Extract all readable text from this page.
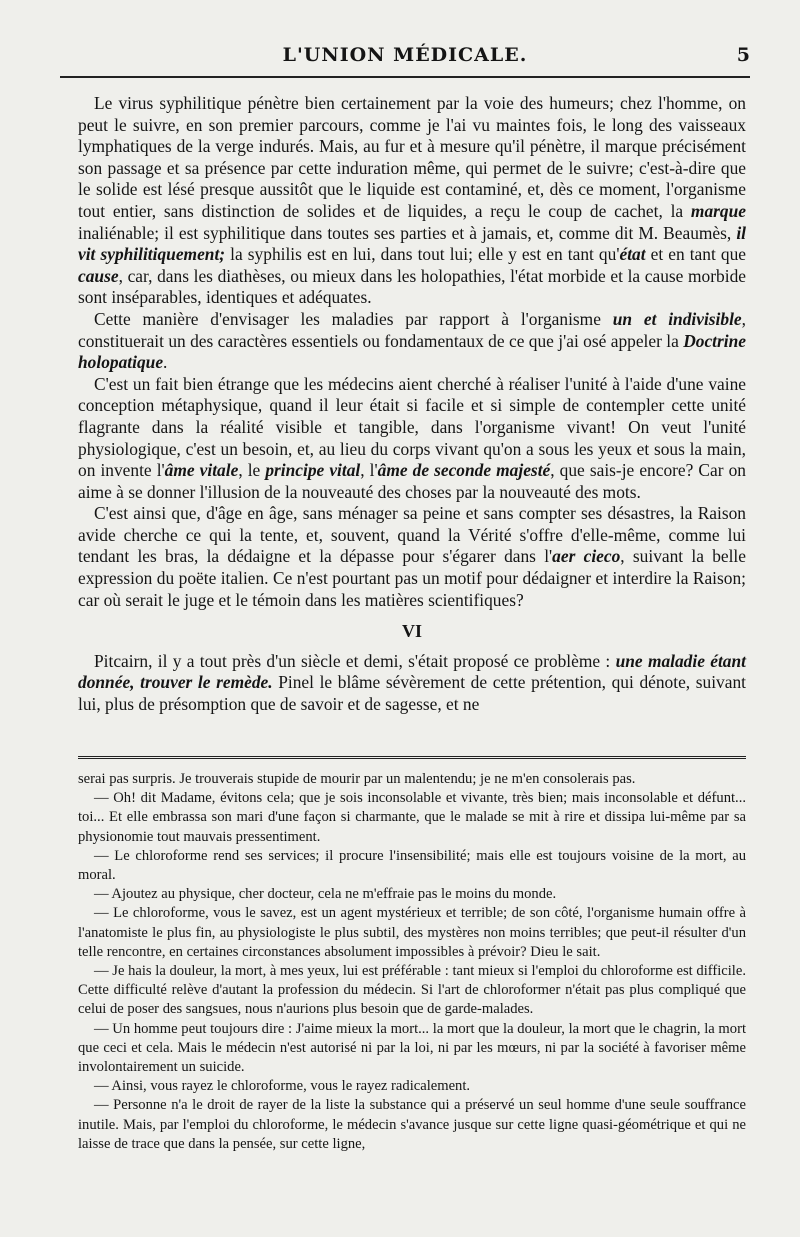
L'UNION MÉDICALE.	5

Le virus syphilitique pénètre bien certainement par la voie des humeurs; chez l'homme, on peut le suivre, en son premier parcours, comme je l'ai vu maintes fois, le long des vaisseaux lymphatiques de la verge indurés. Mais, au fur et à mesure qu'il pénètre, il marque précisément son passage et sa présence par cette induration même, qui permet de le suivre; c'est-à-dire que le solide est lésé presque aussitôt que le liquide est contaminé, et, dès ce moment, l'organisme tout entier, sans distinction de solides et de liquides, a reçu le coup de cachet, la marque inaliénable; il est syphilitique dans toutes ses parties et à jamais, et, comme dit M. Beaumès, il vit syphilitiquement; la syphilis est en lui, dans tout lui; elle y est en tant qu'état et en tant que cause, car, dans les diathèses, ou mieux dans les holopathies, l'état morbide et la cause morbide sont inséparables, identiques et adéquates.

Cette manière d'envisager les maladies par rapport à l'organisme un et indivisible, constituerait un des caractères essentiels ou fondamentaux de ce que j'ai osé appeler la Doctrine holopatique.

C'est un fait bien étrange que les médecins aient cherché à réaliser l'unité à l'aide d'une vaine conception métaphysique, quand il leur était si facile et si simple de contempler cette unité flagrante dans la réalité visible et tangible, dans l'organisme vivant! On veut l'unité physiologique, c'est un besoin, et, au lieu du corps vivant qu'on a sous les yeux et sous la main, on invente l'âme vitale, le principe vital, l'âme de seconde majesté, que sais-je encore? Car on aime à se donner l'illusion de la nouveauté des choses par la nouveauté des mots.

C'est ainsi que, d'âge en âge, sans ménager sa peine et sans compter ses désastres, la Raison avide cherche ce qui la tente, et, souvent, quand la Vérité s'offre d'elle-même, comme lui tendant les bras, la dédaigne et la dépasse pour s'égarer dans l'aer cieco, suivant la belle expression du poëte italien. Ce n'est pourtant pas un motif pour dédaigner et interdire la Raison; car où serait le juge et le témoin dans les matières scientifiques?

VI

Pitcairn, il y a tout près d'un siècle et demi, s'était proposé ce problème : une maladie étant donnée, trouver le remède. Pinel le blâme sévèrement de cette prétention, qui dénote, suivant lui, plus de présomption que de savoir et de sagesse, et ne

serai pas surpris. Je trouverais stupide de mourir par un malentendu; je ne m'en consolerais pas.

— Oh! dit Madame, évitons cela; que je sois inconsolable et vivante, très bien; mais inconsolable et défunt... toi... Et elle embrassa son mari d'une façon si charmante, que le malade se mit à rire et dissipa lui-même par sa physionomie tout mauvais pressentiment.

— Le chloroforme rend ses services; il procure l'insensibilité; mais elle est toujours voisine de la mort, au moral.

— Ajoutez au physique, cher docteur, cela ne m'effraie pas le moins du monde.

— Le chloroforme, vous le savez, est un agent mystérieux et terrible; de son côté, l'organisme humain offre à l'anatomiste le plus fin, au physiologiste le plus subtil, des mystères non moins terribles; que peut-il résulter d'un telle rencontre, en certaines circonstances absolument impossibles à prévoir? Dieu le sait.

— Je hais la douleur, la mort, à mes yeux, lui est préférable : tant mieux si l'emploi du chloroforme est difficile. Cette difficulté relève d'autant la profession du médecin. Si l'art de chloroformer n'était pas plus compliqué que celui de poser des sangsues, nous n'aurions plus besoin que de garde-malades.

— Un homme peut toujours dire : J'aime mieux la mort... la mort que la douleur, la mort que le chagrin, la mort que ceci et cela. Mais le médecin n'est autorisé ni par la loi, ni par les mœurs, ni par la société à favoriser même involontairement un suicide.

— Ainsi, vous rayez le chloroforme, vous le rayez radicalement.

— Personne n'a le droit de rayer de la liste la substance qui a préservé un seul homme d'une seule souffrance inutile. Mais, par l'emploi du chloroforme, le médecin s'avance jusque sur cette ligne quasi-géométrique et qui ne laisse de trace que dans la pensée, sur cette ligne,
